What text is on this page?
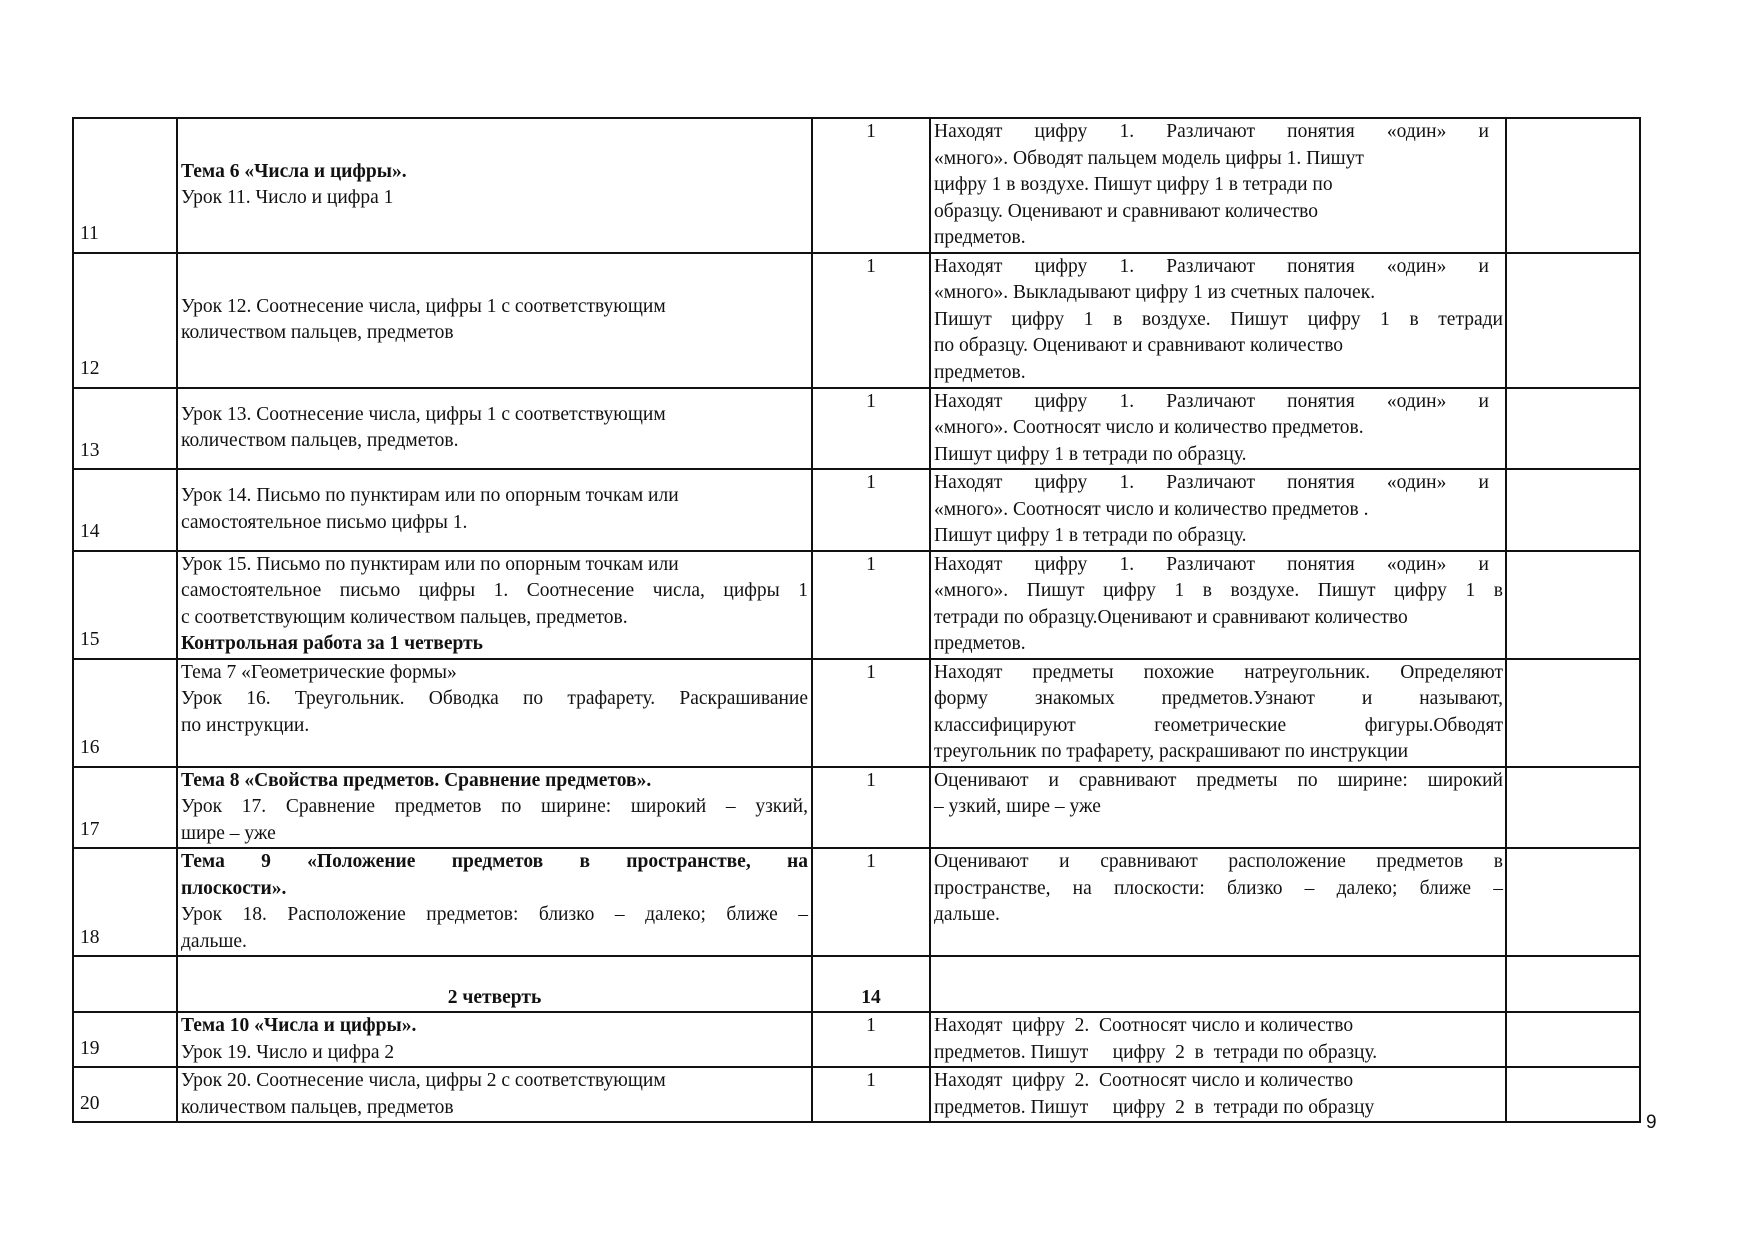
11	Тема 6 «Числа и цифры».
Урок 11. Число и цифра 1	1	Находят цифру 1. Различают понятия «один» и
«много». Обводят пальцем модель цифры 1. Пишут
цифру 1 в воздухе. Пишут цифру 1 в тетради по
образцу. Оценивают и сравнивают количество
предметов.	

12	Урок 12. Соотнесение числа, цифры 1 с соответствующим
количеством пальцев, предметов	1	Находят цифру 1. Различают понятия «один» и
«много». Выкладывают цифру 1 из счетных палочек.
Пишут цифру 1 в воздухе. Пишут цифру 1 в тетради
по образцу. Оценивают и сравнивают количество
предметов.	

13	Урок 13. Соотнесение числа, цифры 1 с соответствующим
количеством пальцев, предметов.	1	Находят цифру 1. Различают понятия «один» и
«много». Соотносят число и количество предметов.
Пишут цифру 1 в тетради по образцу.	

14	Урок 14. Письмо по пунктирам или по опорным точкам или
самостоятельное письмо цифры 1.	1	Находят цифру 1. Различают понятия «один» и
«много». Соотносят число и количество предметов .
Пишут цифру 1 в тетради по образцу.	

15	Урок 15. Письмо по пунктирам или по опорным точкам или
самостоятельное письмо цифры 1. Соотнесение числа, цифры 1
с соответствующим количеством пальцев, предметов.
Контрольная работа за 1 четверть	1	Находят цифру 1. Различают понятия «один» и
«много». Пишут цифру 1 в воздухе. Пишут цифру 1 в
тетради по образцу.Оценивают и сравнивают количество
предметов.	

16	Тема 7 «Геометрические формы»
Урок 16. Треугольник. Обводка по трафарету. Раскрашивание
по инструкции.	1	Находят предметы похожие натреугольник. Определяют
форму знакомых предметов.Узнают и называют,
классифицируют геометрические фигуры.Обводят
треугольник по трафарету, раскрашивают по инструкции	

17	Тема 8 «Свойства предметов. Сравнение предметов».
Урок 17. Сравнение предметов по ширине: широкий – узкий,
шире – уже	1	Оценивают и сравнивают предметы по ширине: широкий
– узкий, шире – уже	

18	Тема 9 «Положение предметов в пространстве, на
плоскости».
Урок 18. Расположение предметов: близко – далеко; ближе –
дальше.	1	Оценивают и сравнивают расположение предметов в
пространстве, на плоскости: близко – далеко; ближе –
дальше.	

	2 четверть	14		
19	Тема 10 «Числа и цифры».
Урок 19. Число и цифра 2	1	Находят  цифру  2.  Соотносят число и количество
предметов. Пишут     цифру  2  в  тетради по образцу.	

20	Урок 20. Соотнесение числа, цифры 2 с соответствующим
количеством пальцев, предметов	1	Находят  цифру  2.  Соотносят число и количество
предметов. Пишут     цифру  2  в  тетради по образцу	

9
